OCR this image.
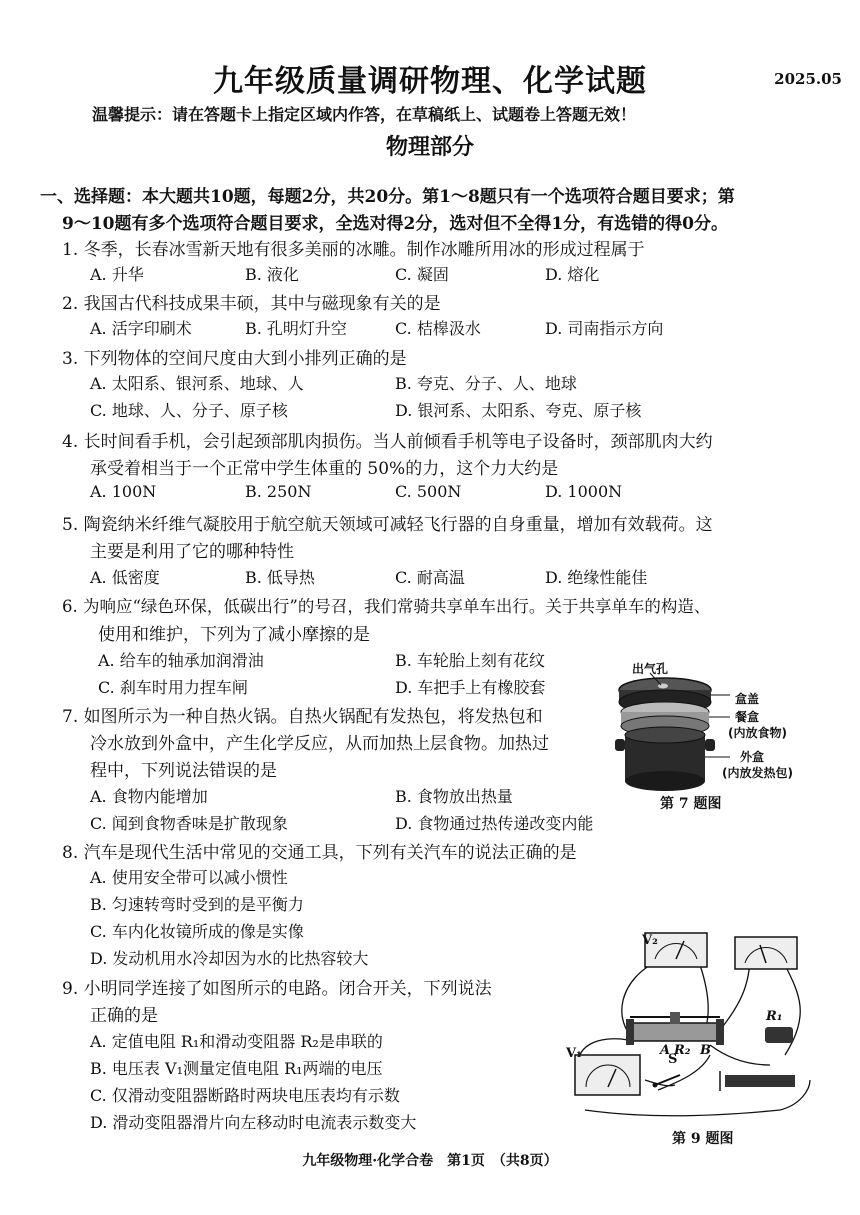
九年级质量调研物理、化学试题	2025.05
温馨提示：请在答题卡上指定区域内作答，在草稿纸上、试题卷上答题无效！
物理部分
一、选择题：本大题共10题，每题2分，共20分。第1～8题只有一个选项符合题目要求；第
9～10题有多个选项符合题目要求，全选对得2分，选对但不全得1分，有选错的得0分。
1. 冬季，长春冰雪新天地有很多美丽的冰雕。制作冰雕所用冰的形成过程属于
A. 升华	B. 液化	C. 凝固	D. 熔化
2. 我国古代科技成果丰硕，其中与磁现象有关的是
A. 活字印刷术	B. 孔明灯升空	C. 桔槔汲水	D. 司南指示方向
3. 下列物体的空间尺度由大到小排列正确的是
A. 太阳系、银河系、地球、人	B. 夸克、分子、人、地球
C. 地球、人、分子、原子核	D. 银河系、太阳系、夸克、原子核
4. 长时间看手机，会引起颈部肌肉损伤。当人前倾看手机等电子设备时，颈部肌肉大约
承受着相当于一个正常中学生体重的 50%的力，这个力大约是
A. 100N	B. 250N	C. 500N	D. 1000N
5. 陶瓷纳米纤维气凝胶用于航空航天领域可减轻飞行器的自身重量，增加有效载荷。这
主要是利用了它的哪种特性
A. 低密度	B. 低导热	C. 耐高温	D. 绝缘性能佳
6. 为响应“绿色环保，低碳出行”的号召，我们常骑共享单车出行。关于共享单车的构造、
使用和维护，下列为了减小摩擦的是
A. 给车的轴承加润滑油	B. 车轮胎上刻有花纹
C. 刹车时用力捏车闸	D. 车把手上有橡胶套
7. 如图所示为一种自热火锅。自热火锅配有发热包，将发热包和
冷水放到外盒中，产生化学反应，从而加热上层食物。加热过
程中，下列说法错误的是
A. 食物内能增加	B. 食物放出热量
C. 闻到食物香味是扩散现象	D. 食物通过热传递改变内能
出气孔
盒盖
餐盒
(内放食物)
外盒
(内放发热包)
第 7 题图
8. 汽车是现代生活中常见的交通工具，下列有关汽车的说法正确的是
A. 使用安全带可以减小惯性
B. 匀速转弯时受到的是平衡力
C. 车内化妆镜所成的像是实像
D. 发动机用水冷却因为水的比热容较大
9. 小明同学连接了如图所示的电路。闭合开关，下列说法
正确的是
A. 定值电阻 R₁和滑动变阻器 R₂是串联的
B. 电压表 V₁测量定值电阻 R₁两端的电压
C. 仅滑动变阻器断路时两块电压表均有示数
D. 滑动变阻器滑片向左移动时电流表示数变大
V₂
V₁	A R₂ B
R₁
S
第 9 题图
九年级物理·化学合卷　第1页　（共8页）
